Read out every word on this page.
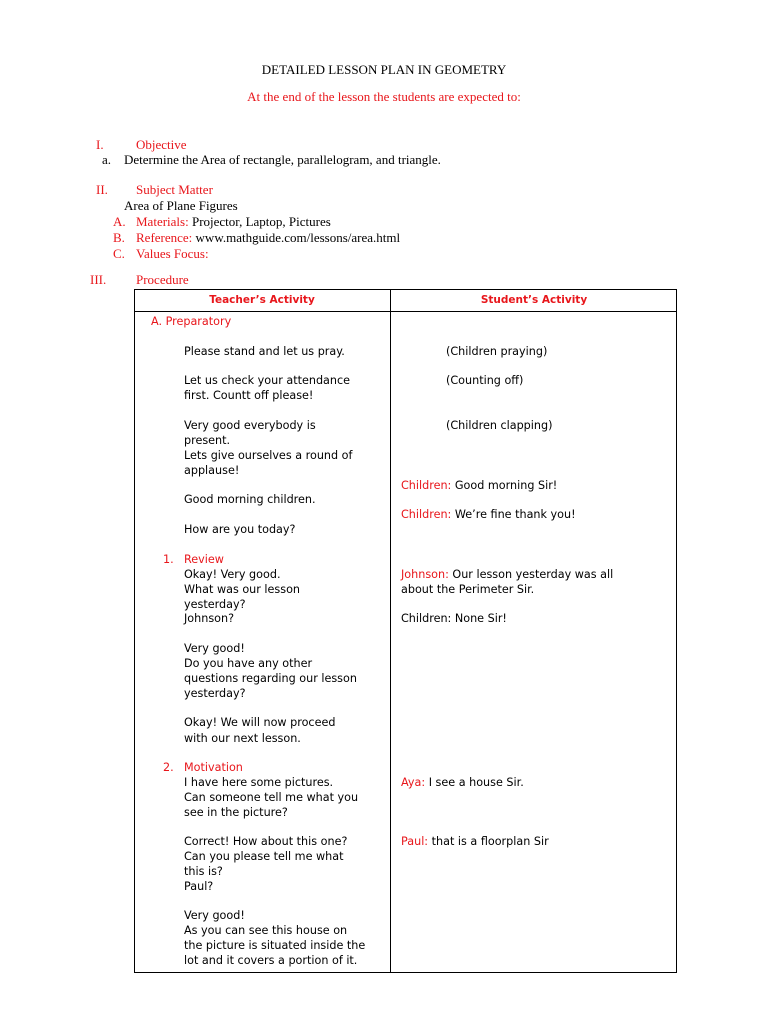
DETAILED LESSON PLAN IN GEOMETRY
At the end of the lesson the students are expected to:
I. Objective
a. Determine the Area of rectangle, parallelogram, and triangle.
II. Subject Matter
Area of Plane Figures
A. Materials: Projector, Laptop, Pictures
B. Reference: www.mathguide.com/lessons/area.html
C. Values Focus:
III. Procedure
Teacher’s Activity	Student’s Activity
A. Preparatory
Please stand and let us pray.
Let us check your attendance
first. Countt off please!
Very good everybody is
present.
Lets give ourselves a round of
applause!
Good morning children.
How are you today?
1. Review
Okay! Very good.
What was our lesson
yesterday?
Johnson?
Very good!
Do you have any other
questions regarding our lesson
yesterday?
Okay! We will now proceed
with our next lesson.
2. Motivation
I have here some pictures.
Can someone tell me what you
see in the picture?
Correct! How about this one?
Can you please tell me what
this is?
Paul?
Very good!
As you can see this house on
the picture is situated inside the
lot and it covers a portion of it.
(Children praying)
(Counting off)
(Children clapping)
Children: Good morning Sir!
Children: We’re fine thank you!
Johnson: Our lesson yesterday was all
about the Perimeter Sir.
Children: None Sir!
Aya: I see a house Sir.
Paul: that is a floorplan Sir
